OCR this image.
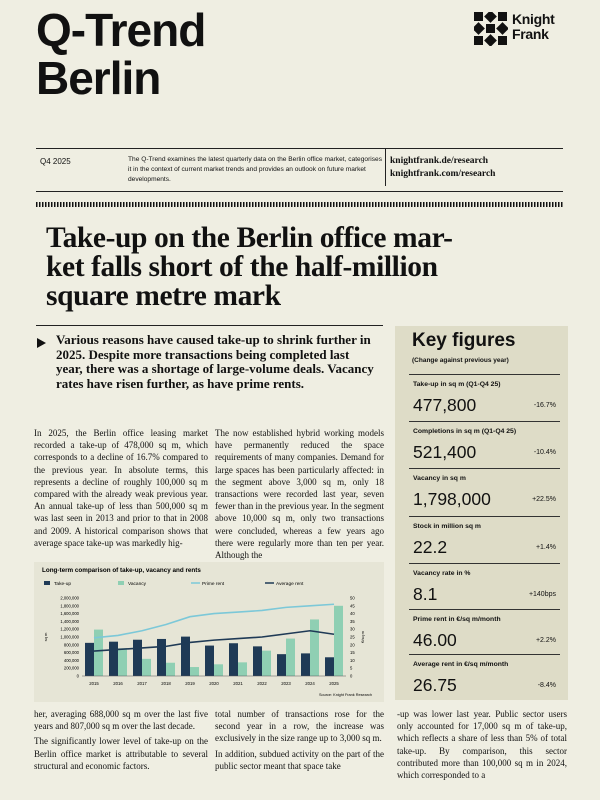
Q-Trend
Berlin
Knight
Frank
Q4 2025	The Q-Trend examines the latest quarterly data on the Berlin office market, categorises it in the context of current market trends and provides an outlook on future market developments.
knightfrank.de/research
knightfrank.com/research
Take-up on the Berlin office mar-
ket falls short of the half-million
square metre mark
Various reasons have caused take-up to shrink further in 2025. Despite more transactions being completed last year, there was a shortage of large-volume deals. Vacancy rates have risen further, as have prime rents.

In 2025, the Berlin office leasing market recorded a take-up of 478,000 sq m, which corresponds to a decline of 16.7% compared to the previous year. In absolute terms, this represents a decline of roughly 100,000 sq m compared with the already weak previous year. An annual take-up of less than 500,000 sq m was last seen in 2013 and prior to that in 2008 and 2009. A historical comparison shows that average space take-up was markedly hig-

The now established hybrid working models have permanently reduced the space requirements of many companies. Demand for large spaces has been particularly affected: in the segment above 3,000 sq m, only 18 transactions were recorded last year, seven fewer than in the previous year. In the segment above 10,000 sq m, only two transactions were concluded, whereas a few years ago there were regularly more than ten per year. Although the

Long-term comparison of take-up, vacancy and rents
Take-up	Vacancy	Prime rent	Average rent
2,000,000
1,800,000
1,600,000
1,400,000
1,200,000
1,000,000
800,000
600,000
400,000
200,000
0
50
45
40
35
30
25
20
15
10
5
0
sq m	€/sq m
2015	2016	2017	2018	2019	2020	2021	2022	2023	2024	2025
Source: Knight Frank Research

her, averaging 688,000 sq m over the last five years and 807,000 sq m over the last decade.

The significantly lower level of take-up on the Berlin office market is attributable to several structural and economic factors.

total number of transactions rose for the second year in a row, the increase was exclusively in the size range up to 3,000 sq m.

In addition, subdued activity on the part of the public sector meant that space take

-up was lower last year. Public sector users only accounted for 17,000 sq m of take-up, which reflects a share of less than 5% of total take-up. By comparison, this sector contributed more than 100,000 sq m in 2024, which corresponded to a

Key figures
(Change against previous year)
Take-up in sq m (Q1-Q4 25)
477,800	-16.7%
Completions in sq m (Q1-Q4 25)
521,400	-10.4%
Vacancy in sq m
1,798,000	+22.5%
Stock in million sq m
22.2	+1.4%
Vacancy rate in %
8.1	+140bps
Prime rent in €/sq m/month
46.00	+2.2%
Average rent in €/sq m/month
26.75	-8.4%
